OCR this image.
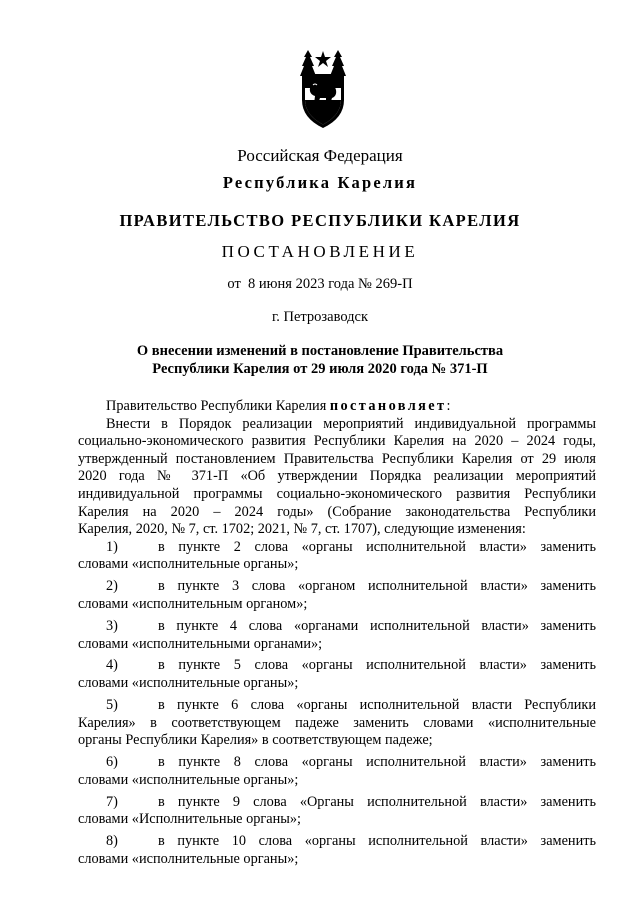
Российская Федерация
Республика Карелия
ПРАВИТЕЛЬСТВО РЕСПУБЛИКИ КАРЕЛИЯ
ПОСТАНОВЛЕНИЕ
от  8 июня 2023 года № 269-П
г. Петрозаводск
О внесении изменений в постановление Правительства
Республики Карелия от 29 июля 2020 года № 371-П
Правительство Республики Карелия постановляет:
Внести в Порядок реализации мероприятий индивидуальной программы
социально-экономического развития Республики Карелия на 2020 – 2024 годы,
утвержденный постановлением Правительства Республики Карелия от 29 июля
2020 года № 371-П «Об утверждении Порядка реализации мероприятий
индивидуальной программы социально-экономического развития Республики
Карелия на 2020 – 2024 годы» (Собрание законодательства Республики
Карелия, 2020, № 7, ст. 1702; 2021, № 7, ст. 1707), следующие изменения:
1)	в пункте 2 слова «органы исполнительной власти» заменить
словами «исполнительные органы»;
2)	в пункте 3 слова «органом исполнительной власти» заменить
словами «исполнительным органом»;
3)	в пункте 4 слова «органами исполнительной власти» заменить
словами «исполнительными органами»;
4)	в пункте 5 слова «органы исполнительной власти» заменить
словами «исполнительные органы»;
5)	в пункте 6 слова «органы исполнительной власти Республики
Карелия» в соответствующем падеже заменить словами «исполнительные
органы Республики Карелия» в соответствующем падеже;
6)	в пункте 8 слова «органы исполнительной власти» заменить
словами «исполнительные органы»;
7)	в пункте 9 слова «Органы исполнительной власти» заменить
словами «Исполнительные органы»;
8)	в пункте 10 слова «органы исполнительной власти» заменить
словами «исполнительные органы»;
